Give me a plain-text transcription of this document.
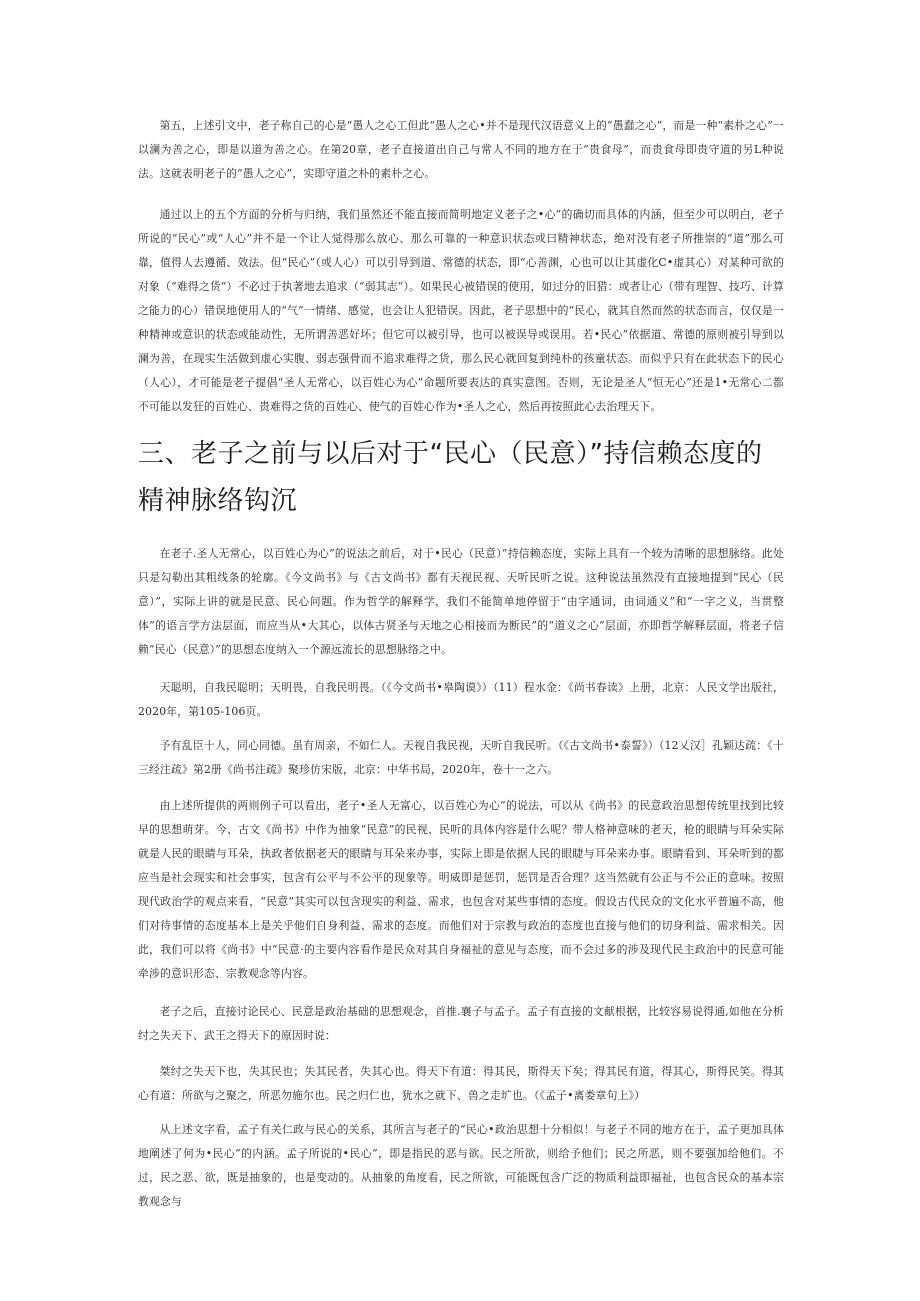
第五，上述引文中，老子称自己的心是“愚人之心工但此“愚人之心•并不是现代汉语意义上的“愚蠢之心”，而是一种“素朴之心”一以澜为善之心，即是以道为善之心。在第20章，老子直接道出自己与常人不同的地方在于“贵食母”，而贵食母即贵守道的另L种说法。这就表明老子的“愚人之心”，实即守道之朴的素朴之心。

通过以上的五个方面的分析与归纳，我们虽然还不能直接而简明地定义老子之•心”的确切而具体的内涵，但至少可以明白，老子所说的“民心”或“人心”并不是一个让人觉得那么放心、那么可靠的一种意识状态或曰精神状态，绝对没有老子所推崇的“道”那么可靠，值得人去遵循、效法。但“民心”（或人心）可以引导到道、常德的状态，即“心善渊，心也可以让其虚化C•虚其心）对某种可欲的对象（“难得之货”）不必过于执著地去追求（“弱其志”）。如果民心被错误的使用，如过分的旧猎：或者让心（带有理智、技巧、计算之能力的心）错误地使用人的“气”一情绪、感觉，也会让人犯错误。因此，老子思想中的“民心，就其自然而然的状态而言，仅仅是一种精神或意识的状态或能动性，无所谓善恶好坏；但它可以被引导，也可以被误导或误用。若•民心”依据道、常德的原则被引导到以澜为善，在现实生活做到虚心实腹、弱志强骨而不追求难得之货，那么民心就回复到纯朴的孩童状态。而似乎只有在此状态下的民心（人心），才可能是老子提倡“圣人无常心，以百姓心为心”命题所要表达的真实意图。否则，无论是圣人“恒无心”还是1•无常心二都不可能以发狂的百姓心、贵难得之货的百姓心、使气的百姓心作为•圣人之心，然后再按照此心去治理天下。

三、老子之前与以后对于“民心（民意）”持信赖态度的精神脉络钩沉

在老子.圣人无常心，以百姓心为心”的说法之前后，对于•民心（民意）”持信赖态度，实际上具有一个较为清晰的思想脉络。此处只是勾勒出其粗线条的轮廓。《今文尚书》与《古文尚书》都有天视民视、天听民听之说。这种说法虽然没有直接地提到“民心（民意）”，实际上讲的就是民意、民心问题。作为哲学的解释学，我们不能简单地停留于“由字通词，由词通义”和“一字之义，当贯整体”的语言学方法层面，而应当从•大其心，以体古贤圣与天地之心相接而为断民”的“道义之心”层面，亦即哲学解释层面，将老子信赖“民心（民意）”的思想态度纳入一个源远流长的思想脉络之中。

天聪明，自我民聪明；天明畏，自我民明畏。（《今文尚书•皋陶谟》）（11）程水金：《尚书春读》上册，北京：人民文学出版社，2020年，第105-106页。

予有乱臣十人，同心同德。虽有周亲，不如仁人。天视自我民视，天听自我民听。（《古文尚书•泰誓》）（12乂汉］孔颖达疏：《十三经注疏》第2册《尚书注疏》聚珍仿宋版，北京：中华书局，2020年，卷十一之六。

由上述所提供的两则例子可以看出，老子•圣人无富心，以百姓心为心”的说法，可以从《尚书》的民意政治思想传统里找到比较早的思想萌芽。今、古文《尚书》中作为抽象“民意”的民视、民听的具体内容是什么呢？带人格神意味的老天，枪的眼睛与耳朵实际就是人民的眼睛与耳朵，执政者依据老天的眼睛与耳朵来办事，实际上即是依据人民的眼睫与耳朵来办事。眼睛看到、耳朵听到的都应当是社会现实和社会事实，包含有公平与不公平的现象等。明威即是惩罚，惩罚是否合理？这当然就有公正与不公正的意味。按照现代政治学的观点来看，“民意”其实可以包含现实的利益、需求，也包含对某些事情的态度。假设古代民众的文化水平普遍不高，他们对待事情的态度基本上是关乎他们自身利益、需求的态度。而他们对于宗教与政治的态度也直接与他们的切身利益、需求相关。因此，我们可以将《尚书》中“民意·的主要内容看作是民众对其自身福祉的意见与态度，而不会过多的涉及现代民主政治中的民意可能牵涉的意识形态、宗教观念等内容。

老子之后，直接讨论民心、民意是政治基础的思想观念，首推.襄子与孟子。孟子有直接的文献根据，比较容易说得通,如他在分析纣之失天下、武王之得天下的原因时说：

桀纣之失天下也，失其民也；失其民者，失其心也。得天下有道：得其民，斯得天下矣；得其民有道，得其心，斯得民笑。得其心有道：所欲与之聚之，所恶勿施尔也。民之归仁也，犹水之就下、兽之走圹也。（《孟子•离娄章句上》）

从上述文字看，孟子有关仁政与民心的关系，其所言与老子的“民心•政治思想十分相似！与老子不同的地方在于，孟子更加具体地阐述了何为•民心”的内涵。孟子所说的•民心”，即是指民的恶与欲。民之所欲，则给予他们；民之所恶，则不要强加给他们。不过，民之恶、欲，既是抽象的，也是变动的。从抽象的角度看，民之所欲，可能既包含广泛的物质利益即福祉，也包含民众的基本宗教观念与
